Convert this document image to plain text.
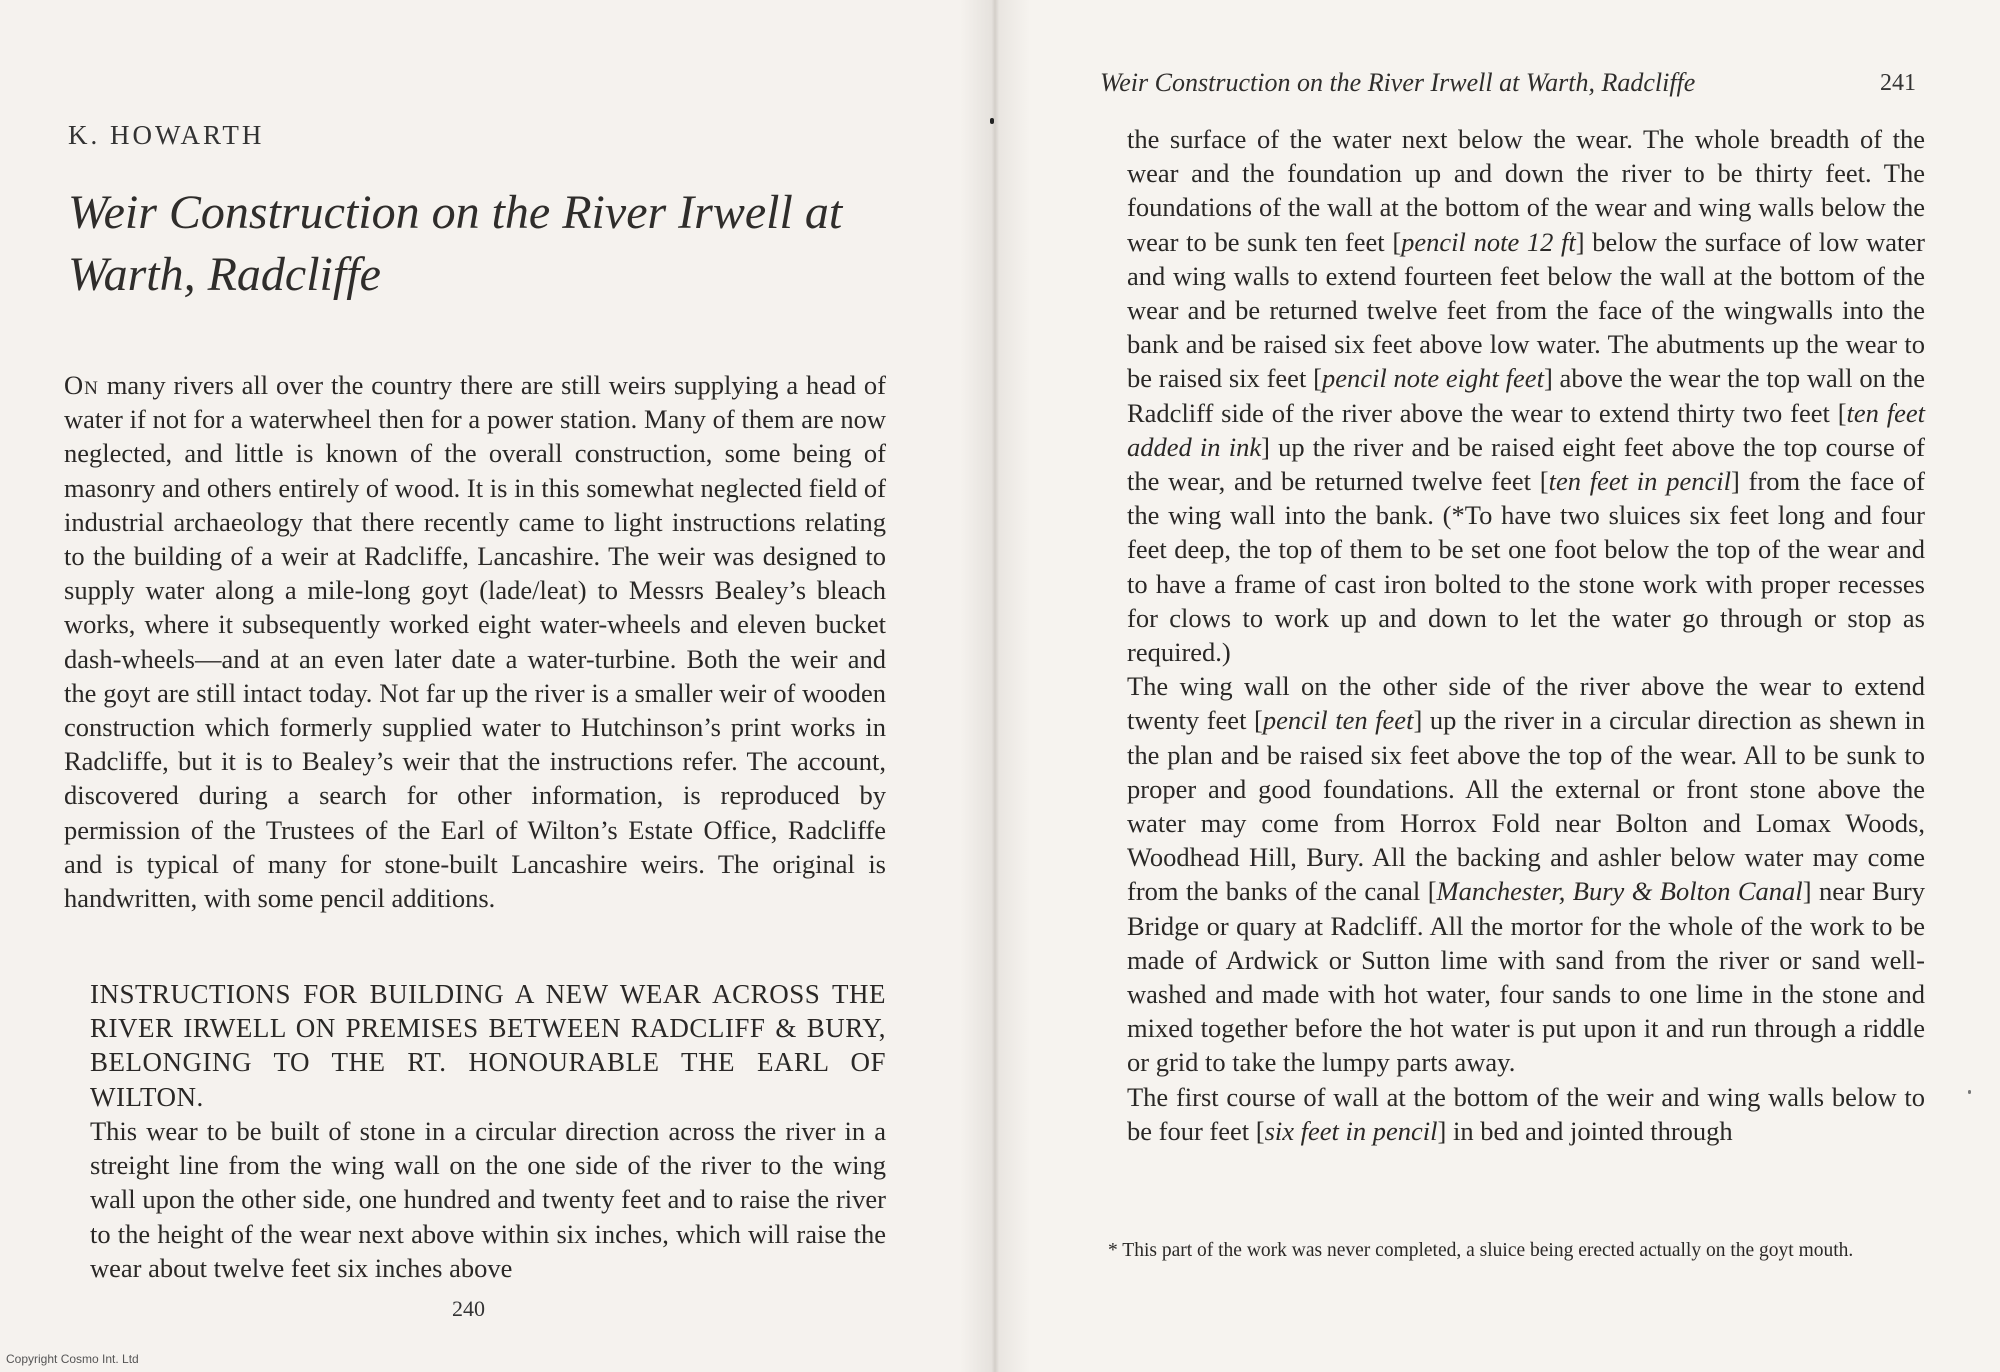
K. HOWARTH
Weir Construction on the River Irwell at Warth, Radcliffe

On many rivers all over the country there are still weirs supplying a head of water if not for a waterwheel then for a power station. Many of them are now neglected, and little is known of the overall construction, some being of masonry and others entirely of wood. It is in this somewhat neglected field of industrial archaeology that there recently came to light instructions relating to the building of a weir at Radcliffe, Lancashire. The weir was designed to supply water along a mile-long goyt (lade/leat) to Messrs Bealey’s bleach works, where it subsequently worked eight water-wheels and eleven bucket dash-wheels—and at an even later date a water-turbine. Both the weir and the goyt are still intact today. Not far up the river is a smaller weir of wooden construction which formerly supplied water to Hutchinson’s print works in Radcliffe, but it is to Bealey’s weir that the instructions refer. The account, discovered during a search for other information, is reproduced by permission of the Trustees of the Earl of Wilton’s Estate Office, Radcliffe and is typical of many for stone-built Lancashire weirs. The original is handwritten, with some pencil additions.

INSTRUCTIONS FOR BUILDING A NEW WEAR ACROSS THE RIVER IRWELL ON PREMISES BETWEEN RADCLIFF & BURY, BELONGING TO THE RT. HONOURABLE THE EARL OF WILTON.

This wear to be built of stone in a circular direction across the river in a streight line from the wing wall on the one side of the river to the wing wall upon the other side, one hundred and twenty feet and to raise the river to the height of the wear next above within six inches, which will raise the wear about twelve feet six inches above

240
Weir Construction on the River Irwell at Warth, Radcliffe	241

the surface of the water next below the wear. The whole breadth of the wear and the foundation up and down the river to be thirty feet. The foundations of the wall at the bottom of the wear and wing walls below the wear to be sunk ten feet [pencil note 12 ft] below the surface of low water and wing walls to extend fourteen feet below the wall at the bottom of the wear and be returned twelve feet from the face of the wingwalls into the bank and be raised six feet above low water. The abutments up the wear to be raised six feet [pencil note eight feet] above the wear the top wall on the Radcliff side of the river above the wear to extend thirty two feet [ten feet added in ink] up the river and be raised eight feet above the top course of the wear, and be returned twelve feet [ten feet in pencil] from the face of the wing wall into the bank. (*To have two sluices six feet long and four feet deep, the top of them to be set one foot below the top of the wear and to have a frame of cast iron bolted to the stone work with proper recesses for clows to work up and down to let the water go through or stop as required.)

The wing wall on the other side of the river above the wear to extend twenty feet [pencil ten feet] up the river in a circular direction as shewn in the plan and be raised six feet above the top of the wear. All to be sunk to proper and good foundations. All the external or front stone above the water may come from Horrox Fold near Bolton and Lomax Woods, Woodhead Hill, Bury. All the backing and ashler below water may come from the banks of the canal [Manchester, Bury & Bolton Canal] near Bury Bridge or quary at Radcliff. All the mortor for the whole of the work to be made of Ardwick or Sutton lime with sand from the river or sand well-washed and made with hot water, four sands to one lime in the stone and mixed together before the hot water is put upon it and run through a riddle or grid to take the lumpy parts away.

The first course of wall at the bottom of the weir and wing walls below to be four feet [six feet in pencil] in bed and jointed through

* This part of the work was never completed, a sluice being erected actually on the goyt mouth.

Copyright Cosmo Int. Ltd
